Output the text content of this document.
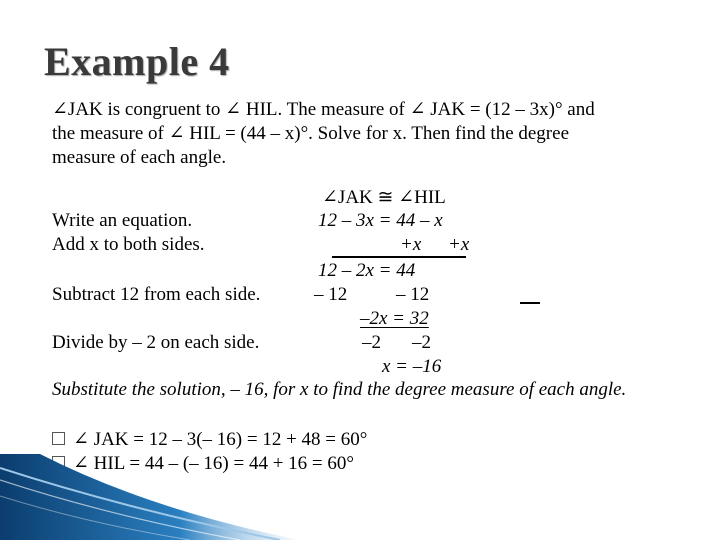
Example 4
∠JAK is congruent to ∠ HIL. The measure of ∠ JAK = (12 – 3x)° and
the measure of ∠ HIL = (44 – x)°. Solve for x. Then find the degree
measure of each angle.
Write an equation.
Add x to both sides.
Subtract 12 from each side.
Divide by – 2 on each side.
∠JAK ≅ ∠HIL
12 – 3x = 44 – x
+x +x
12 – 2x = 44
– 12	– 12
–2x = 32
–2 –2
x = –16
Substitute the solution, – 16, for x to find the degree measure of each angle.
∠ JAK = 12 – 3(– 16) = 12 + 48 = 60°
∠ HIL = 44 – (– 16) = 44 + 16 = 60°
